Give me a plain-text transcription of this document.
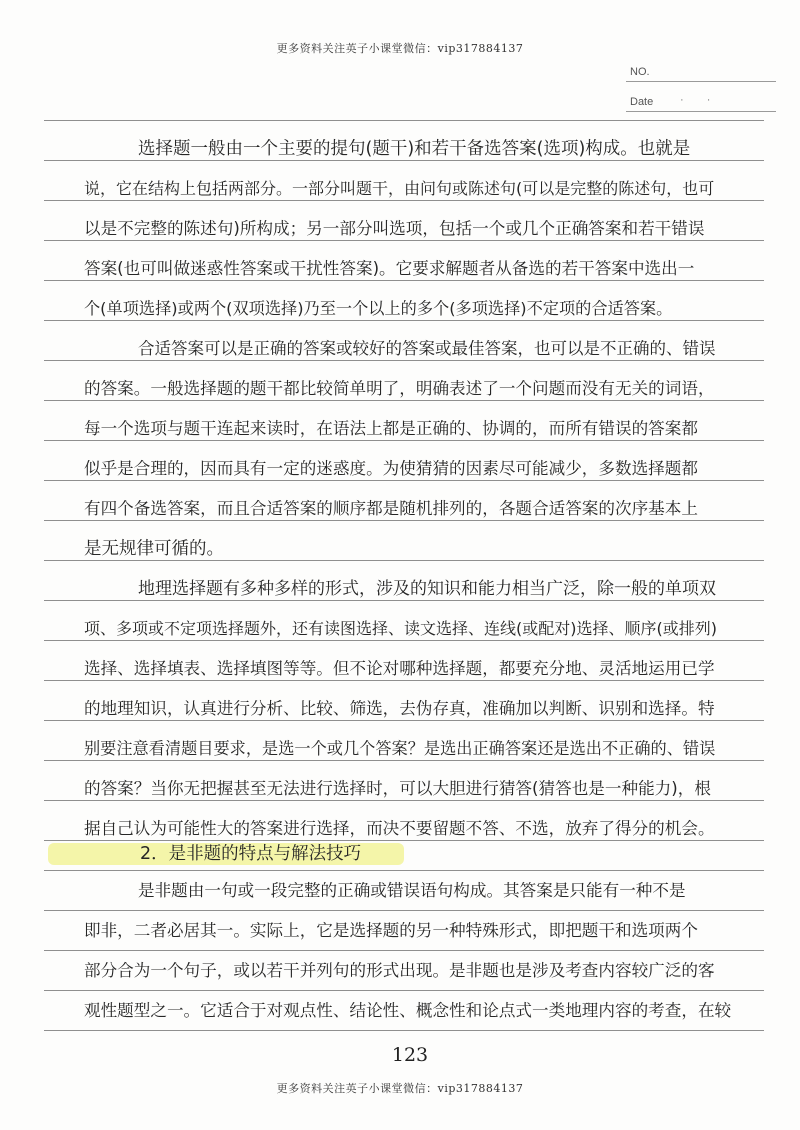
更多资料关注英子小课堂微信：vip317884137
NO.
Date · ·
选择题一般由一个主要的提句(题干)和若干备选答案(选项)构成。也就是
说，它在结构上包括两部分。一部分叫题干，由问句或陈述句(可以是完整的陈述句，也可
以是不完整的陈述句)所构成；另一部分叫选项，包括一个或几个正确答案和若干错误
答案(也可叫做迷惑性答案或干扰性答案)。它要求解题者从备选的若干答案中选出一
个(单项选择)或两个(双项选择)乃至一个以上的多个(多项选择)不定项的合适答案。
合适答案可以是正确的答案或较好的答案或最佳答案，也可以是不正确的、错误
的答案。一般选择题的题干都比较简单明了，明确表述了一个问题而没有无关的词语，
每一个选项与题干连起来读时，在语法上都是正确的、协调的，而所有错误的答案都
似乎是合理的，因而具有一定的迷惑度。为使猜猜的因素尽可能减少，多数选择题都
有四个备选答案，而且合适答案的顺序都是随机排列的，各题合适答案的次序基本上
是无规律可循的。
2．是非题的特点与解法技巧
是非题由一句或一段完整的正确或错误语句构成。其答案是只能有一种不是
即非，二者必居其一。实际上，它是选择题的另一种特殊形式，即把题干和选项两个
部分合为一个句子，或以若干并列句的形式出现。是非题也是涉及考查内容较广泛的客
观性题型之一。它适合于对观点性、结论性、概念性和论点式一类地理内容的考查，在较
123
更多资料关注英子小课堂微信：vip317884137
地理选择题有多种多样的形式，涉及的知识和能力相当广泛，除一般的单项双
项、多项或不定项选择题外，还有读图选择、读文选择、连线(或配对)选择、顺序(或排列)
选择、选择填表、选择填图等等。但不论对哪种选择题，都要充分地、灵活地运用已学
的地理知识，认真进行分析、比较、筛选，去伪存真，准确加以判断、识别和选择。特
别要注意看清题目要求，是选一个或几个答案？是选出正确答案还是选出不正确的、错误
的答案？当你无把握甚至无法进行选择时，可以大胆进行猜答(猜答也是一种能力)，根
据自己认为可能性大的答案进行选择，而决不要留题不答、不选，放弃了得分的机会。
